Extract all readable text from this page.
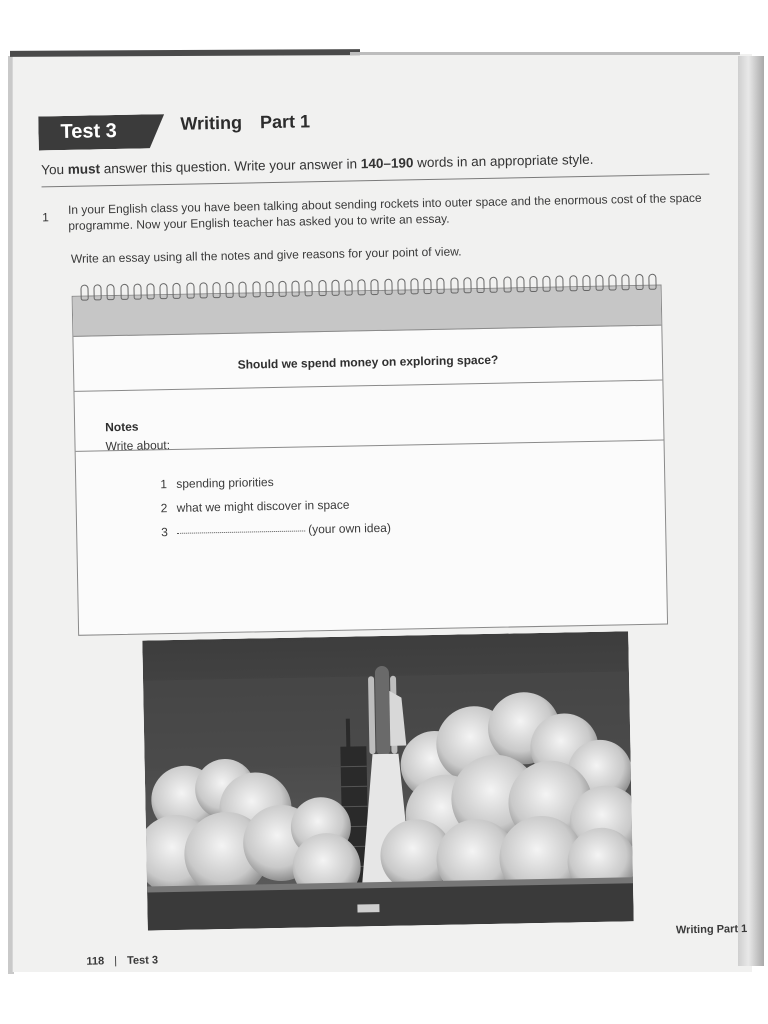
Test 3	Writing Part 1
You must answer this question. Write your answer in 140–190 words in an appropriate style.
1
In your English class you have been talking about sending rockets into outer space and the enormous cost of the space programme. Now your English teacher has asked you to write an essay.
Write an essay using all the notes and give reasons for your point of view.
Should we spend money on exploring space?
Notes
Write about:
1 spending priorities
2 what we might discover in space
3	(your own idea)
118 | Test 3
Writing Part 1
